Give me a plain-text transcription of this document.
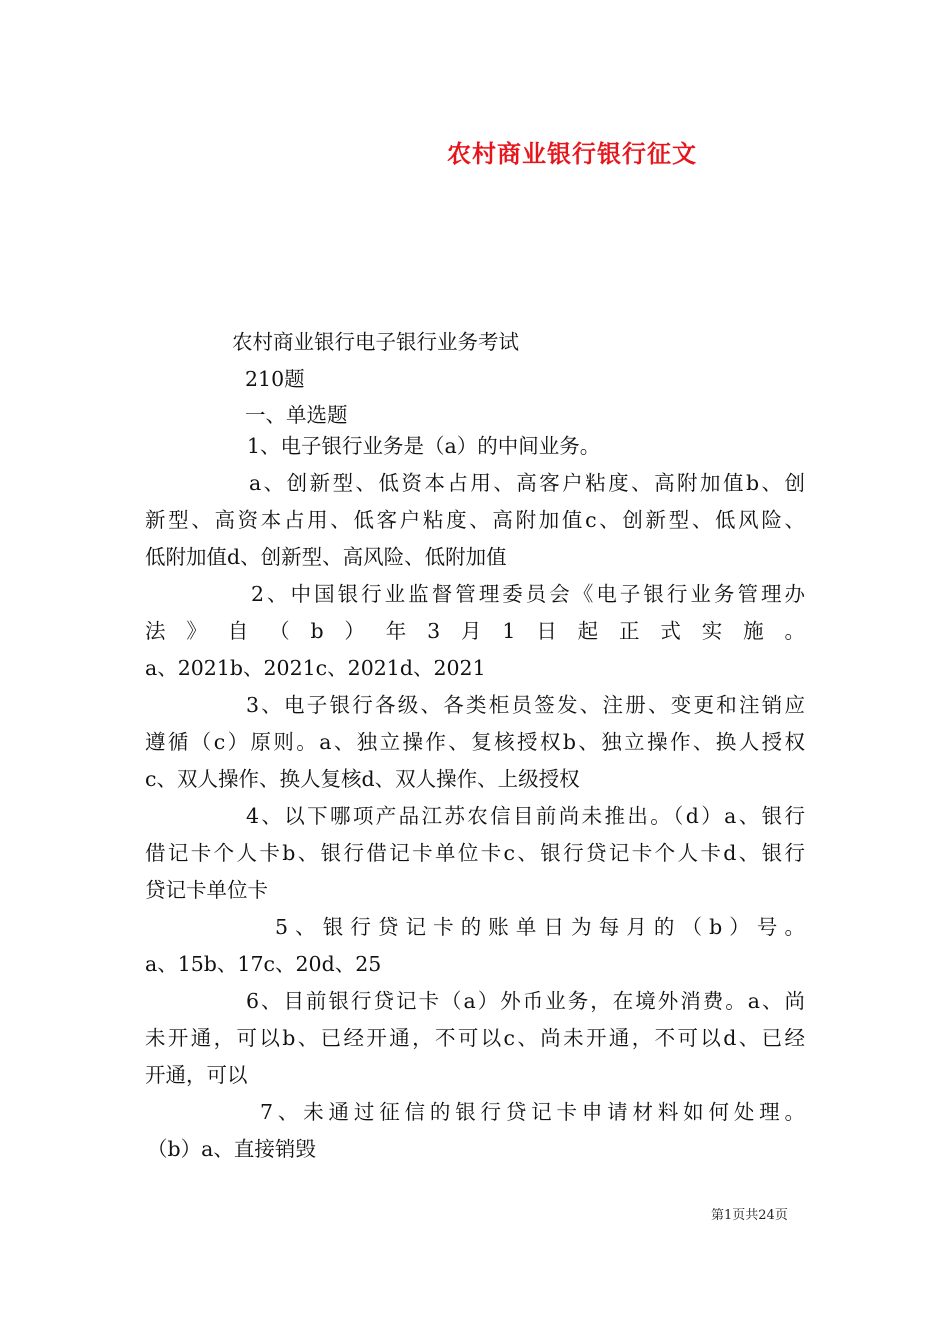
农村商业银行银行征文
农村商业银行电子银行业务考试
210题
一、单选题
1、电子银行业务是（a）的中间业务。
a、创新型、低资本占用、高客户粘度、高附加值b、创
新型、高资本占用、低客户粘度、高附加值c、创新型、低风险、
低附加值d、创新型、高风险、低附加值
2、中国银行业监督管理委员会《电子银行业务管理办
法》自（b）年3月1日起正式实施。
a、2021b、2021c、2021d、2021
3、电子银行各级、各类柜员签发、注册、变更和注销应
遵循（c）原则。a、独立操作、复核授权b、独立操作、换人授权
c、双人操作、换人复核d、双人操作、上级授权
4、以下哪项产品江苏农信目前尚未推出。（d）a、银行
借记卡个人卡b、银行借记卡单位卡c、银行贷记卡个人卡d、银行
贷记卡单位卡
5、银行贷记卡的账单日为每月的（b）号。
a、15b、17c、20d、25
6、目前银行贷记卡（a）外币业务，在境外消费。a、尚
未开通，可以b、已经开通，不可以c、尚未开通，不可以d、已经
开通，可以
7、未通过征信的银行贷记卡申请材料如何处理。
（b）a、直接销毁
第1页共24页
